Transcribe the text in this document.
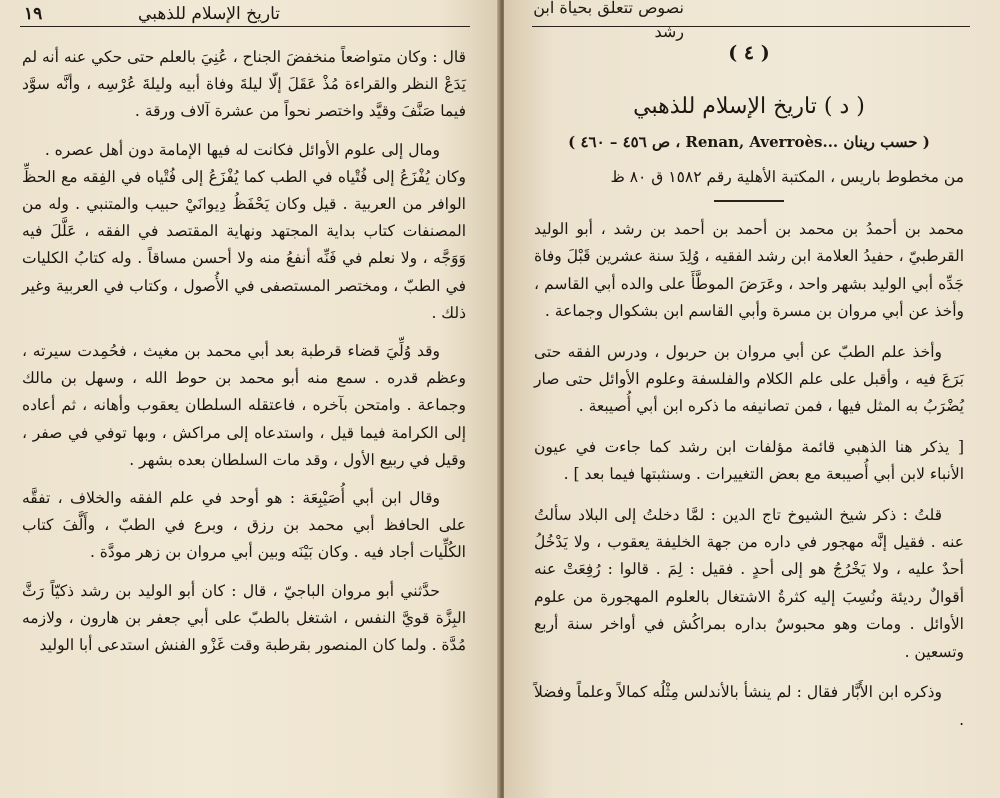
١٩	تاريخ الإسلام للذهبي

قال : وكان متواضعاً منخفضَ الجناح ، عُنِيَ بالعلم حتى حكي عنه أنه لم يَدَعْ النظر والقراءة مُذْ عَقَلَ إلّا ليلةَ وفاة أبيه وليلةَ عُرْسِه ، وأنَّه سوَّد فيما صَنَّفَ وقيَّد واختصر نحواً من عشرة آلاف ورقة .

ومال إلى علوم الأوائل فكانت له فيها الإمامة دون أهل عصره .

وكان يُفْزَعُ إلى فُتْياه في الطب كما يُفْزَعُ إلى فُتْياه في الفِقه مع الحظِّ الوافر من العربية . قيل وكان يَحْفَظُ دِيوانَيْ حبيب والمتنبي . وله من المصنفات كتاب بداية المجتهد ونهاية المقتصد في الفقه ، عَلَّلَ فيه وَوَجَّه ، ولا نعلم في فَنِّه أنفعُ منه ولا أحسن مساقاً . وله كتابُ الكليات في الطبّ ، ومختصر المستصفى في الأُصول ، وكتاب في العربية وغير ذلك .

وقد وُلِّيَ قضاء قرطبة بعد أبي محمد بن مغيث ، فحُمِدت سيرته ، وعظم قدره . سمع منه أبو محمد بن حوط الله ، وسهل بن مالك وجماعة . وامتحن بآخره ، فاعتقله السلطان يعقوب وأهانه ، ثم أعاده إلى الكرامة فيما قيل ، واستدعاه إلى مراكش ، وبها توفي في صفر ، وقيل في ربيع الأول ، وقد مات السلطان بعده بشهر .

وقال ابن أبي أُصَيْبِعَة : هو أوحد في علم الفقه والخلاف ، تفقَّه على الحافظ أبي محمد بن رزق ، وبرع في الطبّ ، وأَلَّفَ كتاب الكُلِّيات أجاد فيه . وكان بَيْنَه وبين أبي مروان بن زهر مودَّة .

حدَّثني أبو مروان الباجيّ ، قال : كان أبو الوليد بن رشد ذكيّاً رَثَّ البِزَّة قويَّ النفس ، اشتغل بالطبّ على أبي جعفر بن هارون ، ولازمه مُدَّة . ولما كان المنصور بقرطبة وقت غَزْو الفنش استدعى أبا الوليد

نصوص تتعلق بحياة ابن رشد
( ٤ )
( د ) تاريخ الإسلام للذهبي
( حسب رينان Renan, Averroès... ، ص ٤٥٦ – ٤٦٠ )
من مخطوط باريس ، المكتبة الأهلية رقم ١٥٨٢ ق ٨٠ ظ

محمد بن أحمدُ بن محمد بن أحمد بن أحمد بن رشد ، أبو الوليد القرطبيّ ، حفيدُ العلامة ابن رشد الفقيه ، وُلِدَ سنة عشرين قَبْلَ وفاة جَدِّه أبي الوليد بشهر واحد ، وعَرَضَ الموطَّأَ على والده أبي القاسم ، وأخذ عن أبي مروان بن مسرة وأبي القاسم ابن بشكوال وجماعة .

وأخذ علم الطبّ عن أبي مروان بن حربول ، ودرس الفقه حتى بَرَعَ فيه ، وأقبل على علم الكلام والفلسفة وعلوم الأوائل حتى صار يُضْرَبُ به المثل فيها ، فمن تصانيفه ما ذكره ابن أبي أُصيبعة .

[ يذكر هنا الذهبي قائمة مؤلفات ابن رشد كما جاءت في عيون الأنباء لابن أبي أُصيبعة مع بعض التغييرات . وسنثبتها فيما بعد ] .

قلتُ : ذكر شيخ الشيوخ تاج الدين : لمَّا دخلتُ إلى البلاد سألتُ عنه . فقيل إنَّه مهجور في داره من جهة الخليفة يعقوب ، ولا يَدْخُلُ أحدٌ عليه ، ولا يَخْرُجُ هو إلى أحدٍ . فقيل : لِمَ . قالوا : رُفِعَتْ عنه أقوالٌ رديئة ونُسِبَ إليه كثرةُ الاشتغال بالعلوم المهجورة من علوم الأوائل . ومات وهو محبوسٌ بداره بمراكُش في أواخر سنة أربع وتسعين .

وذكره ابن الأَبَّار فقال : لم ينشأ بالأندلس مِثْلُه كمالاً وعلماً وفضلاً .
